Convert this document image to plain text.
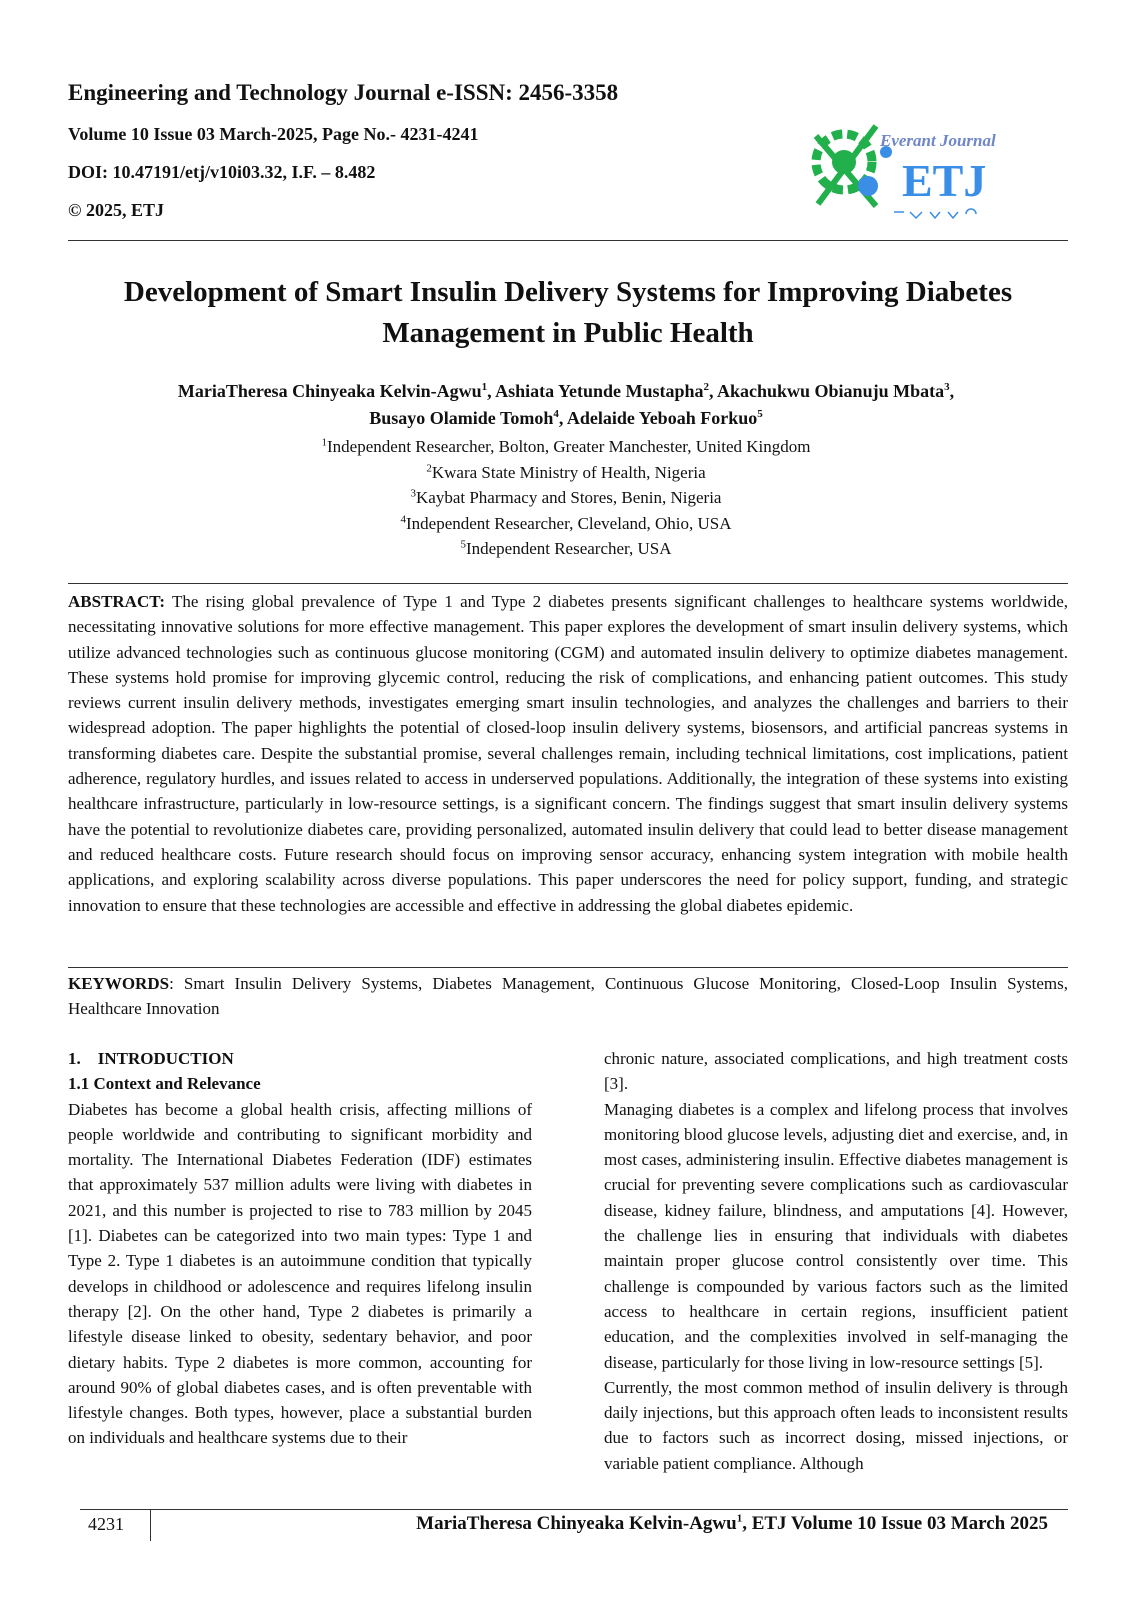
Engineering and Technology Journal e-ISSN: 2456-3358
Volume 10 Issue 03 March-2025, Page No.- 4231-4241
DOI: 10.47191/etj/v10i03.32, I.F. – 8.482
© 2025, ETJ
Everant Journal
ETJ
Development of Smart Insulin Delivery Systems for Improving Diabetes Management in Public Health
MariaTheresa Chinyeaka Kelvin-Agwu$^1$, Ashiata Yetunde Mustapha$^2$, Akachukwu Obianuju Mbata$^3$,
Busayo Olamide Tomoh$^4$, Adelaide Yeboah Forkuo$^5$
$^1$Independent Researcher, Bolton, Greater Manchester, United Kingdom
$^2$Kwara State Ministry of Health, Nigeria
$^3$Kaybat Pharmacy and Stores, Benin, Nigeria
$^4$Independent Researcher, Cleveland, Ohio, USA
$^5$Independent Researcher, USA

ABSTRACT: The rising global prevalence of Type 1 and Type 2 diabetes presents significant challenges to healthcare systems worldwide, necessitating innovative solutions for more effective management. This paper explores the development of smart insulin delivery systems, which utilize advanced technologies such as continuous glucose monitoring (CGM) and automated insulin delivery to optimize diabetes management. These systems hold promise for improving glycemic control, reducing the risk of complications, and enhancing patient outcomes. This study reviews current insulin delivery methods, investigates emerging smart insulin technologies, and analyzes the challenges and barriers to their widespread adoption. The paper highlights the potential of closed-loop insulin delivery systems, biosensors, and artificial pancreas systems in transforming diabetes care. Despite the substantial promise, several challenges remain, including technical limitations, cost implications, patient adherence, regulatory hurdles, and issues related to access in underserved populations. Additionally, the integration of these systems into existing healthcare infrastructure, particularly in low-resource settings, is a significant concern. The findings suggest that smart insulin delivery systems have the potential to revolutionize diabetes care, providing personalized, automated insulin delivery that could lead to better disease management and reduced healthcare costs. Future research should focus on improving sensor accuracy, enhancing system integration with mobile health applications, and exploring scalability across diverse populations. This paper underscores the need for policy support, funding, and strategic innovation to ensure that these technologies are accessible and effective in addressing the global diabetes epidemic.

KEYWORDS: Smart Insulin Delivery Systems, Diabetes Management, Continuous Glucose Monitoring, Closed-Loop Insulin Systems, Healthcare Innovation

1.    INTRODUCTION
1.1 Context and Relevance

Diabetes has become a global health crisis, affecting millions of people worldwide and contributing to significant morbidity and mortality. The International Diabetes Federation (IDF) estimates that approximately 537 million adults were living with diabetes in 2021, and this number is projected to rise to 783 million by 2045 [1]. Diabetes can be categorized into two main types: Type 1 and Type 2. Type 1 diabetes is an autoimmune condition that typically develops in childhood or adolescence and requires lifelong insulin therapy [2]. On the other hand, Type 2 diabetes is primarily a lifestyle disease linked to obesity, sedentary behavior, and poor dietary habits. Type 2 diabetes is more common, accounting for around 90% of global diabetes cases, and is often preventable with lifestyle changes. Both types, however, place a substantial burden on individuals and healthcare systems due to their

chronic nature, associated complications, and high treatment costs [3].

Managing diabetes is a complex and lifelong process that involves monitoring blood glucose levels, adjusting diet and exercise, and, in most cases, administering insulin. Effective diabetes management is crucial for preventing severe complications such as cardiovascular disease, kidney failure, blindness, and amputations [4]. However, the challenge lies in ensuring that individuals with diabetes maintain proper glucose control consistently over time. This challenge is compounded by various factors such as the limited access to healthcare in certain regions, insufficient patient education, and the complexities involved in self-managing the disease, particularly for those living in low-resource settings [5].

Currently, the most common method of insulin delivery is through daily injections, but this approach often leads to inconsistent results due to factors such as incorrect dosing, missed injections, or variable patient compliance. Although

4231	MariaTheresa Chinyeaka Kelvin-Agwu$^1$, ETJ Volume 10 Issue 03 March 2025
